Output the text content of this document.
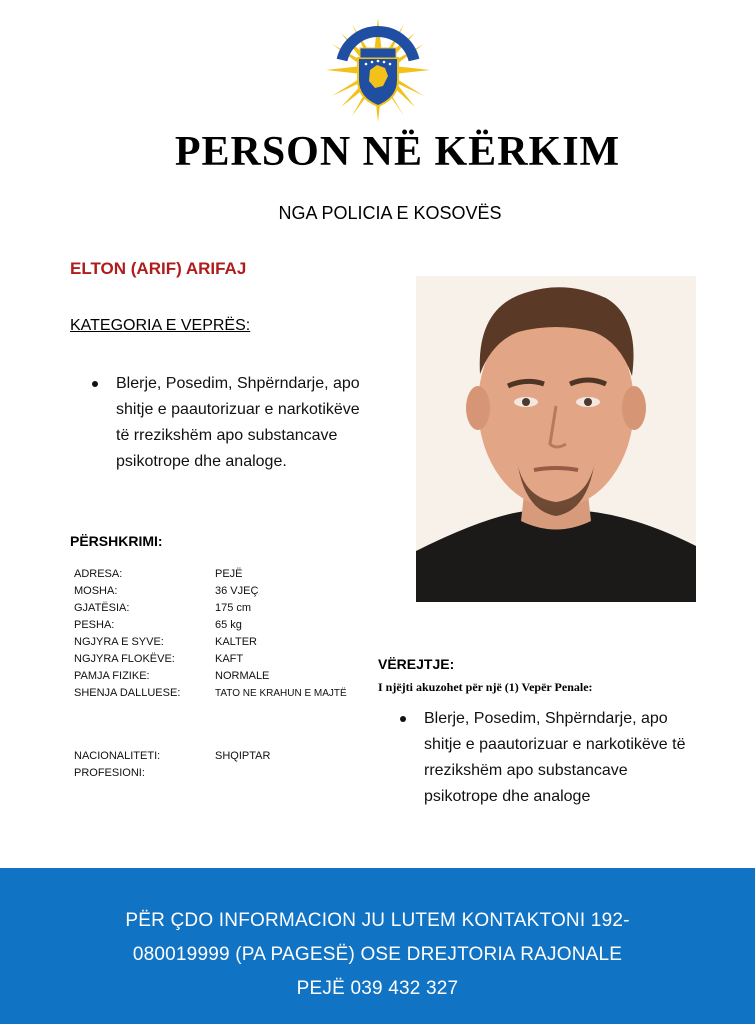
PERSON NË KËRKIM
NGA POLICIA E KOSOVËS
ELTON (ARIF) ARIFAJ
KATEGORIA E VEPRËS:
Blerje, Posedim, Shpërndarje, apo shitje e paautorizuar e narkotikëve të rrezikshëm apo substancave psikotrope dhe analoge.
PËRSHKRIMI:
ADRESA:	PEJË
MOSHA:	36 VJEÇ
GJATËSIA:	175 cm
PESHA:	65 kg
NGJYRA E SYVE:	KALTER
NGJYRA FLOKËVE:	KAFT
PAMJA FIZIKE:	NORMALE
SHENJA DALLUESE:	TATO NE KRAHUN E MAJTË
NACIONALITETI:	SHQIPTAR
PROFESIONI:	
VËREJTJE:
I njëjti akuzohet për një (1) Vepër Penale:
Blerje, Posedim, Shpërndarje, apo shitje e paautorizuar e narkotikëve të rrezikshëm apo substancave psikotrope dhe analoge
PËR ÇDO INFORMACION JU LUTEM KONTAKTONI 192-
080019999 (PA PAGESË) OSE DREJTORIA RAJONALE
PEJË 039 432 327
